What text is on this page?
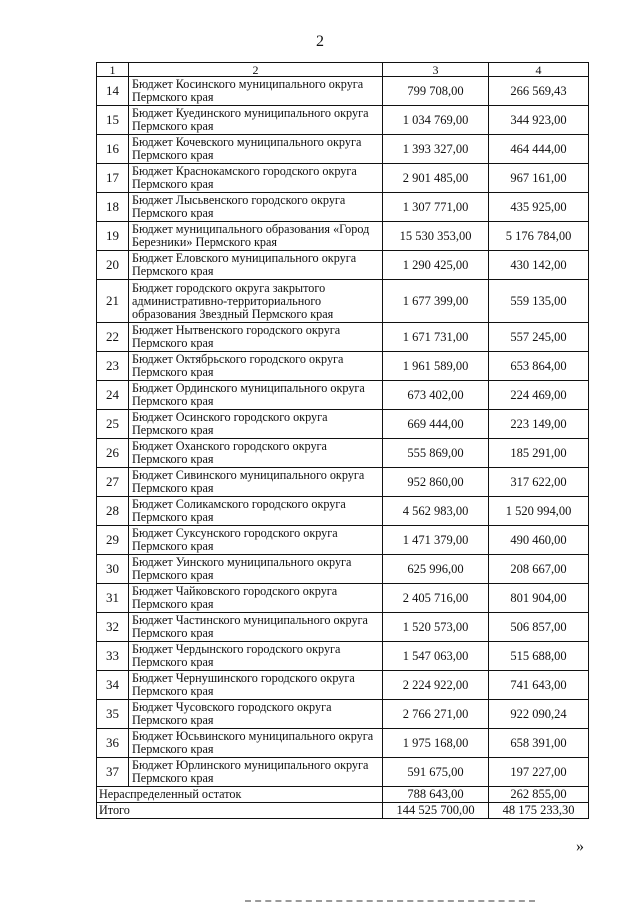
2
1	2	3	4
14	Бюджет Косинского муниципального округа Пермского края	799 708,00	266 569,43
15	Бюджет Куединского муниципального округа Пермского края	1 034 769,00	344 923,00
16	Бюджет Кочевского муниципального округа Пермского края	1 393 327,00	464 444,00
17	Бюджет Краснокамского городского округа Пермского края	2 901 485,00	967 161,00
18	Бюджет Лысьвенского городского округа Пермского края	1 307 771,00	435 925,00
19	Бюджет муниципального образования «Город Березники» Пермского края	15 530 353,00	5 176 784,00
20	Бюджет Еловского муниципального округа Пермского края	1 290 425,00	430 142,00
21	Бюджет городского округа закрытого административно-территориального образования Звездный Пермского края	1 677 399,00	559 135,00
22	Бюджет Нытвенского городского округа Пермского края	1 671 731,00	557 245,00
23	Бюджет Октябрьского городского округа Пермского края	1 961 589,00	653 864,00
24	Бюджет Ординского муниципального округа Пермского края	673 402,00	224 469,00
25	Бюджет Осинского городского округа Пермского края	669 444,00	223 149,00
26	Бюджет Оханского городского округа Пермского края	555 869,00	185 291,00
27	Бюджет Сивинского муниципального округа Пермского края	952 860,00	317 622,00
28	Бюджет Соликамского городского округа Пермского края	4 562 983,00	1 520 994,00
29	Бюджет Суксунского городского округа Пермского края	1 471 379,00	490 460,00
30	Бюджет Уинского муниципального округа Пермского края	625 996,00	208 667,00
31	Бюджет Чайковского городского округа Пермского края	2 405 716,00	801 904,00
32	Бюджет Частинского муниципального округа Пермского края	1 520 573,00	506 857,00
33	Бюджет Чердынского городского округа Пермского края	1 547 063,00	515 688,00
34	Бюджет Чернушинского городского округа Пермского края	2 224 922,00	741 643,00
35	Бюджет Чусовского городского округа Пермского края	2 766 271,00	922 090,24
36	Бюджет Юсьвинского муниципального округа Пермского края	1 975 168,00	658 391,00
37	Бюджет Юрлинского муниципального округа Пермского края	591 675,00	197 227,00
Нераспределенный остаток		788 643,00	262 855,00
Итого		144 525 700,00	48 175 233,30
»
